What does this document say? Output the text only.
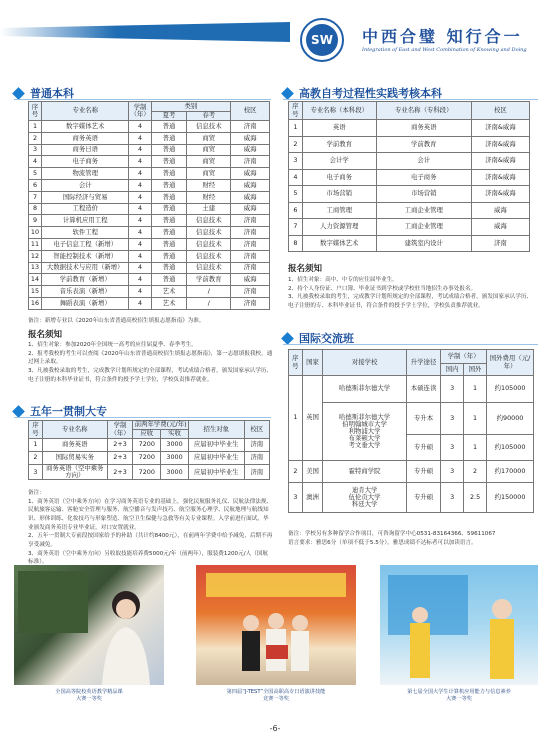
SW	中西合璧 知行合一
Integration of East and West Combination of Knowing and Doing
普通本科
序号	专业名称	学制（年）	类别		校区
			夏考	春考	
1	数字媒体艺术	4	普通	信息技术	济南
2	商务英语	4	普通	商贸	威海
3	商务日语	4	普通	商贸	威海
4	电子商务	4	普通	商贸	济南
5	物流管理	4	普通	商贸	威海
6	会计	4	普通	财经	威海
7	国际经济与贸易	4	普通	财经	威海
8	工程造价	4	普通	土建	威海
9	计算机应用工程	4	普通	信息技术	济南
10	软件工程	4	普通	信息技术	济南
11	电子信息工程（新增）	4	普通	信息技术	济南
12	智能控制技术（新增）	4	普通	信息技术	济南
13	大数据技术与应用（新增）	4	普通	信息技术	济南
14	学前教育（新增）	4	普通	学前教育	威海
15	音乐表演（新增）	4	艺术	/	济南
16	舞蹈表演（新增）	4	艺术	/	济南
备注：新增专业以《2020年山东省普通高校招生填报志愿指南》为准。
报名须知

1、招生对象：参加2020年全国统一高考的应往届夏季、春季考生。

2、报考我校的考生可以查阅《2020年山东省普通高校招生填报志愿指南》，第一志愿填报我校，通过网上录取。

3、凡被我校录取的考生，完成教学计划所规定的全部课程，考试成绩合格者，颁发国家承认学历、电子注册的本科毕业证书，符合条件的授予学士学位，学校负责推荐就业。

五年一贯制大专
序号	专业名称	学制（年）	前两年学费(元/年)		招生对象	校区
			应收	实收		
1	商务英语	2+3	7200	3000	应届初中毕业生	济南
2	国际贸易实务	2+3	7200	3000	应届初中毕业生	济南
3	商务英语（空中乘务方向）	2+3	7200	3000	应届初中毕业生	济南

备注：

1、商务英语（空中乘务方向）在学习商务英语专业的基础上，强化民航服务礼仪、民航法律法规、民航旅客运输、客舱安全管理与服务、航空播音与发声技巧、航空服务心理学、民航地理与航线知识、形体训练、化妆技巧与形象塑造、航空卫生保健与急救等有关专业课程。入学前进行面试，毕业颁发商务英语专业毕业证，对口安置就业。

2、五年一贯制大专前段按国家给予的补助（共计约8400元），在前两年学费中给予减免，后期不再享受减免。

3、商务英语（空中乘务方向）另收取技能培养费5000元/年（前两年），服装费1200元/人（国航标准）。

高教自考过程性实践考核本科
序号	专业名称（本科段）	专业名称（专科段）	校区
1	英语	商务英语	济南&威海
2	学前教育	学前教育	济南&威海
3	会计学	会计	济南&威海
4	电子商务	电子商务	济南&威海
5	市场营销	市场营销	济南&威海
6	工商管理	工商企业管理	威海
7	人力资源管理	工商企业管理	威海
8	数字媒体艺术	建筑室内设计	济南
报名须知

1、招生对象：高中、中专的应往届毕业生。

2、持个人身份证、户口簿、毕业证书到学校或学校驻当地招生办事处报名。

3、凡被我校录取的考生，完成教学计划所规定的全部课程，考试成绩合格者，颁发国家承认学历、电子注册的专、本科毕业证书，符合条件的授予学士学位，学校负责推荐就业。

国际交流班
序号	国家	对接学校	升学途径	学制（年）		国外费用（元/年）
				国内	国外	
1	英国	哈德斯菲尔德大学	本硕连读	3	1	约105000
		哈德斯菲尔德大学
伯明翰城市大学
利物浦大学
布莱顿大学
考文垂大学	专升本	3	1	约90000
			专升硕	3	1	约105000
2	美国	霍特商学院	专升硕	3	2	约170000
3	澳洲	迪肯大学
伍伦贡大学
科廷大学	专升硕	3	2.5	约150000
备注：学校另有多种留学合作项目，可咨询留学中心0531-83164366、59611067
语言要求：雅思6分（单项不低于5.5分），雅思成绩不达标者可以加读语言。
全国高等院校英语教学精品课
大赛一等奖
第四届“J-TEST”全国高职高专日语演讲技能
竞赛一等奖
第七届全国大学生计算机应用能力与信息素养
大赛一等奖
-6-
